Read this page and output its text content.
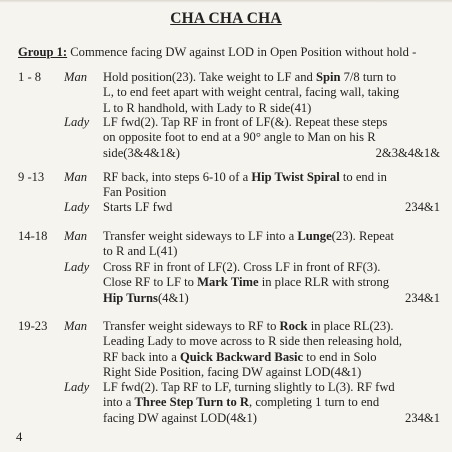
CHA CHA CHA
Group 1: Commence facing DW against LOD in Open Position without hold -
1 - 8 Man Hold position(23). Take weight to LF and Spin 7/8 turn to

L, to end feet apart with weight central, facing wall, taking

L to R handhold, with Lady to R side(41)

Lady LF fwd(2). Tap RF in front of LF(&). Repeat these steps

on opposite foot to end at a 90° angle to Man on his R

side(3&4&1&)	2&3&4&1&
9 -13 Man RF back, into steps 6-10 of a Hip Twist Spiral to end in

Fan Position

Lady Starts LF fwd	234&1
14-18 Man Transfer weight sideways to LF into a Lunge(23). Repeat

to R and L(41)

Lady Cross RF in front of LF(2). Cross LF in front of RF(3).

Close RF to LF to Mark Time in place RLR with strong

Hip Turns(4&1)	234&1
19-23 Man Transfer weight sideways to RF to Rock in place RL(23).

Leading Lady to move across to R side then releasing hold,

RF back into a Quick Backward Basic to end in Solo

Right Side Position, facing DW against LOD(4&1)

Lady LF fwd(2). Tap RF to LF, turning slightly to L(3). RF fwd

into a Three Step Turn to R, completing 1 turn to end

facing DW against LOD(4&1)	234&1
4
